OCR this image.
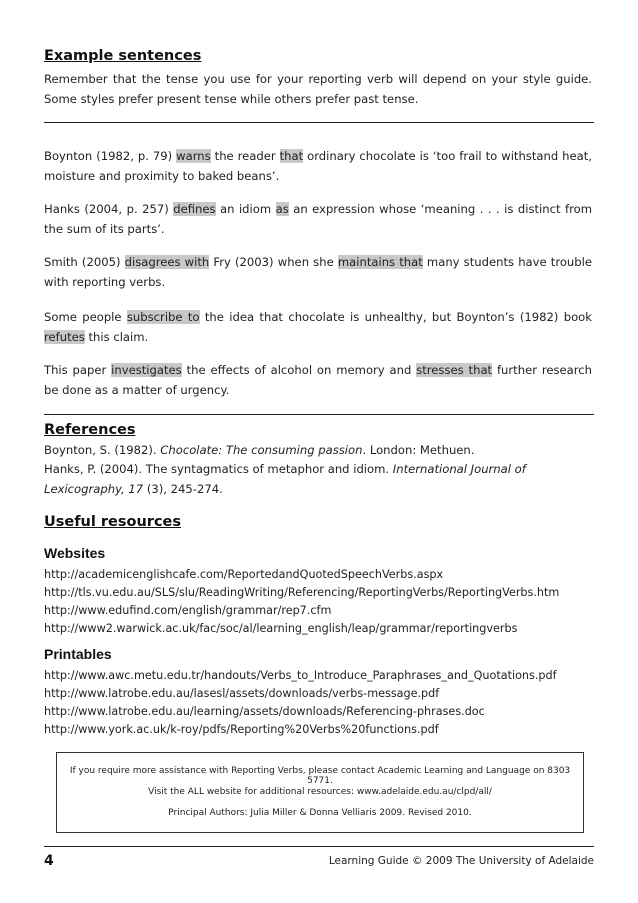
Example sentences
Remember that the tense you use for your reporting verb will depend on your style guide. Some styles prefer present tense while others prefer past tense.
Boynton (1982, p. 79) warns the reader that ordinary chocolate is ‘too frail to withstand heat, moisture and proximity to baked beans’.
Hanks (2004, p. 257) defines an idiom as an expression whose ‘meaning . . . is distinct from the sum of its parts’.
Smith (2005) disagrees with Fry (2003) when she maintains that many students have trouble with reporting verbs.
Some people subscribe to the idea that chocolate is unhealthy, but Boynton’s (1982) book refutes this claim.
This paper investigates the effects of alcohol on memory and stresses that further research be done as a matter of urgency.
References
Boynton, S. (1982). Chocolate: The consuming passion. London: Methuen.
Hanks, P. (2004). The syntagmatics of metaphor and idiom. International Journal of Lexicography, 17 (3), 245-274.
Useful resources
Websites
http://academicenglishcafe.com/ReportedandQuotedSpeechVerbs.aspx
http://tls.vu.edu.au/SLS/slu/ReadingWriting/Referencing/ReportingVerbs/ReportingVerbs.htm
http://www.edufind.com/english/grammar/rep7.cfm
http://www2.warwick.ac.uk/fac/soc/al/learning_english/leap/grammar/reportingverbs
Printables
http://www.awc.metu.edu.tr/handouts/Verbs_to_Introduce_Paraphrases_and_Quotations.pdf
http://www.latrobe.edu.au/lasesl/assets/downloads/verbs-message.pdf
http://www.latrobe.edu.au/learning/assets/downloads/Referencing-phrases.doc
http://www.york.ac.uk/k-roy/pdfs/Reporting%20Verbs%20functions.pdf
If you require more assistance with Reporting Verbs, please contact Academic Learning and Language on 8303 5771.
Visit the ALL website for additional resources: www.adelaide.edu.au/clpd/all/
Principal Authors: Julia Miller & Donna Velliaris 2009. Revised 2010.
4	Learning Guide © 2009 The University of Adelaide
